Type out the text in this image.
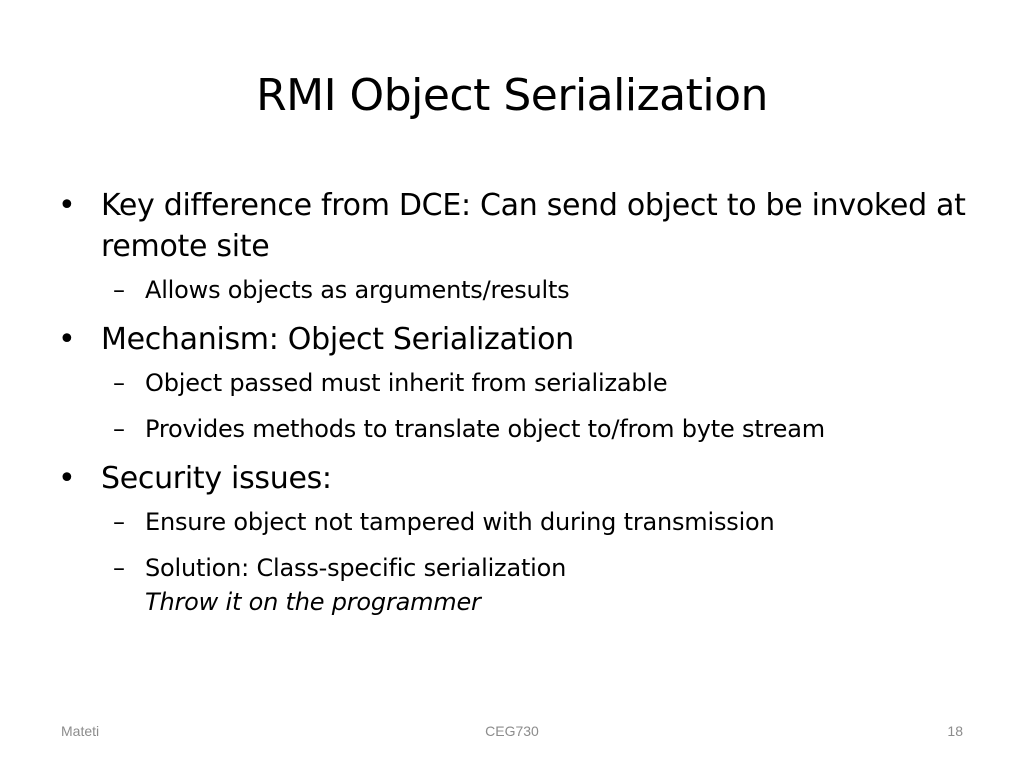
RMI Object Serialization
• Key difference from DCE: Can send object to be invoked at remote site
– Allows objects as arguments/results
• Mechanism: Object Serialization
– Object passed must inherit from serializable
– Provides methods to translate object to/from byte stream
• Security issues:
– Ensure object not tampered with during transmission
– Solution: Class-specific serialization
Throw it on the programmer
Mateti	CEG730	18
